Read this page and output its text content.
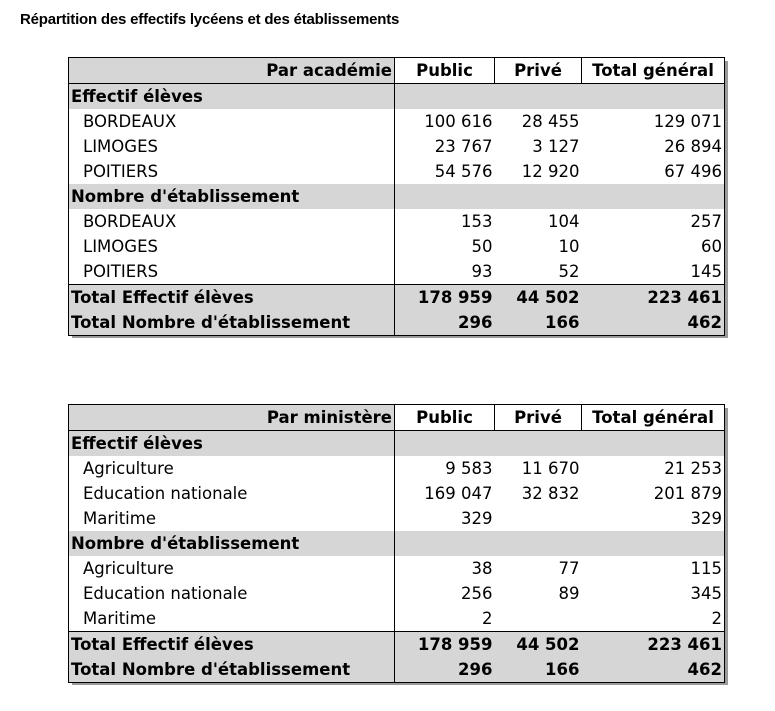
Répartition des effectifs lycéens et des établissements
Par académie	Public	Privé	Total général
Effectif élèves			
BORDEAUX	100 616	28 455	129 071
LIMOGES	23 767	3 127	26 894
POITIERS	54 576	12 920	67 496
Nombre d'établissement			
BORDEAUX	153	104	257
LIMOGES	50	10	60
POITIERS	93	52	145
Total Effectif élèves	178 959	44 502	223 461
Total Nombre d'établissement	296	166	462
Par ministère	Public	Privé	Total général
Effectif élèves			
Agriculture	9 583	11 670	21 253
Education nationale	169 047	32 832	201 879
Maritime	329		329
Nombre d'établissement			
Agriculture	38	77	115
Education nationale	256	89	345
Maritime	2		2
Total Effectif élèves	178 959	44 502	223 461
Total Nombre d'établissement	296	166	462
